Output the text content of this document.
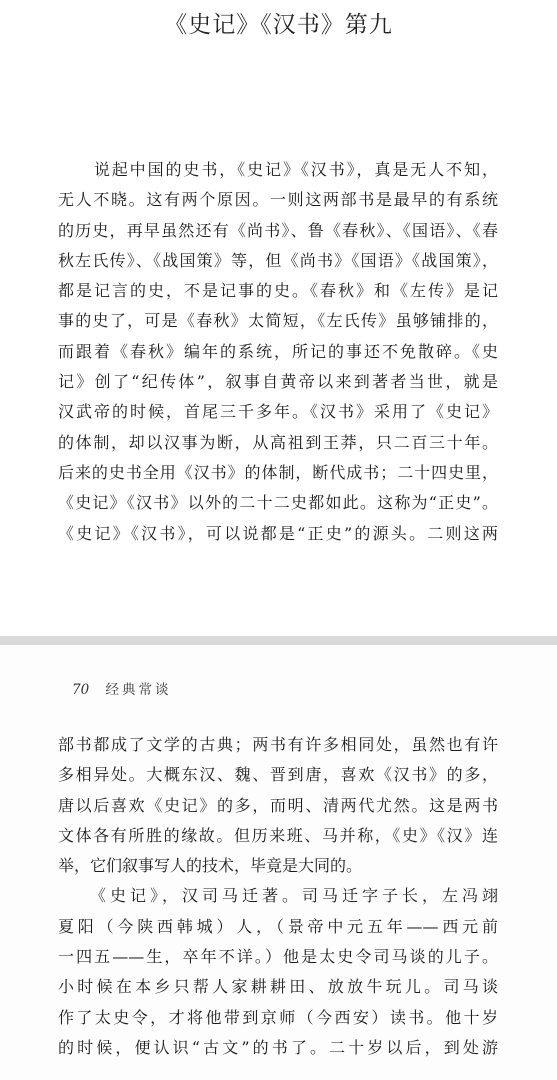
《史记》《汉书》第九

　　说起中国的史书，《史记》《汉书》，真是无人不知，

无人不晓。这有两个原因。一则这两部书是最早的有系统

的历史，再早虽然还有《尚书》、鲁《春秋》、《国语》、《春

秋左氏传》、《战国策》等，但《尚书》《国语》《战国策》，

都是记言的史，不是记事的史。《春秋》和《左传》是记

事的史了，可是《春秋》太简短，《左氏传》虽够铺排的，

而跟着《春秋》编年的系统，所记的事还不免散碎。《史

记》创了“纪传体”，叙事自黄帝以来到著者当世，就是

汉武帝的时候，首尾三千多年。《汉书》采用了《史记》

的体制，却以汉事为断，从高祖到王莽，只二百三十年。

后来的史书全用《汉书》的体制，断代成书；二十四史里，

《史记》《汉书》以外的二十二史都如此。这称为“正史”。

《史记》《汉书》，可以说都是“正史”的源头。二则这两

70 经典常谈

部书都成了文学的古典；两书有许多相同处，虽然也有许

多相异处。大概东汉、魏、晋到唐，喜欢《汉书》的多，

唐以后喜欢《史记》的多，而明、清两代尤然。这是两书

文体各有所胜的缘故。但历来班、马并称，《史》《汉》连

举，它们叙事写人的技术，毕竟是大同的。

　　《史记》，汉司马迁著。司马迁字子长，左冯翊

夏阳（今陕西韩城）人，（景帝中元五年——西元前

一四五——生，卒年不详。）他是太史令司马谈的儿子。

小时候在本乡只帮人家耕耕田、放放牛玩儿。司马谈

作了太史令，才将他带到京师（今西安）读书。他十岁

的时候，便认识“古文”的书了。二十岁以后，到处游
